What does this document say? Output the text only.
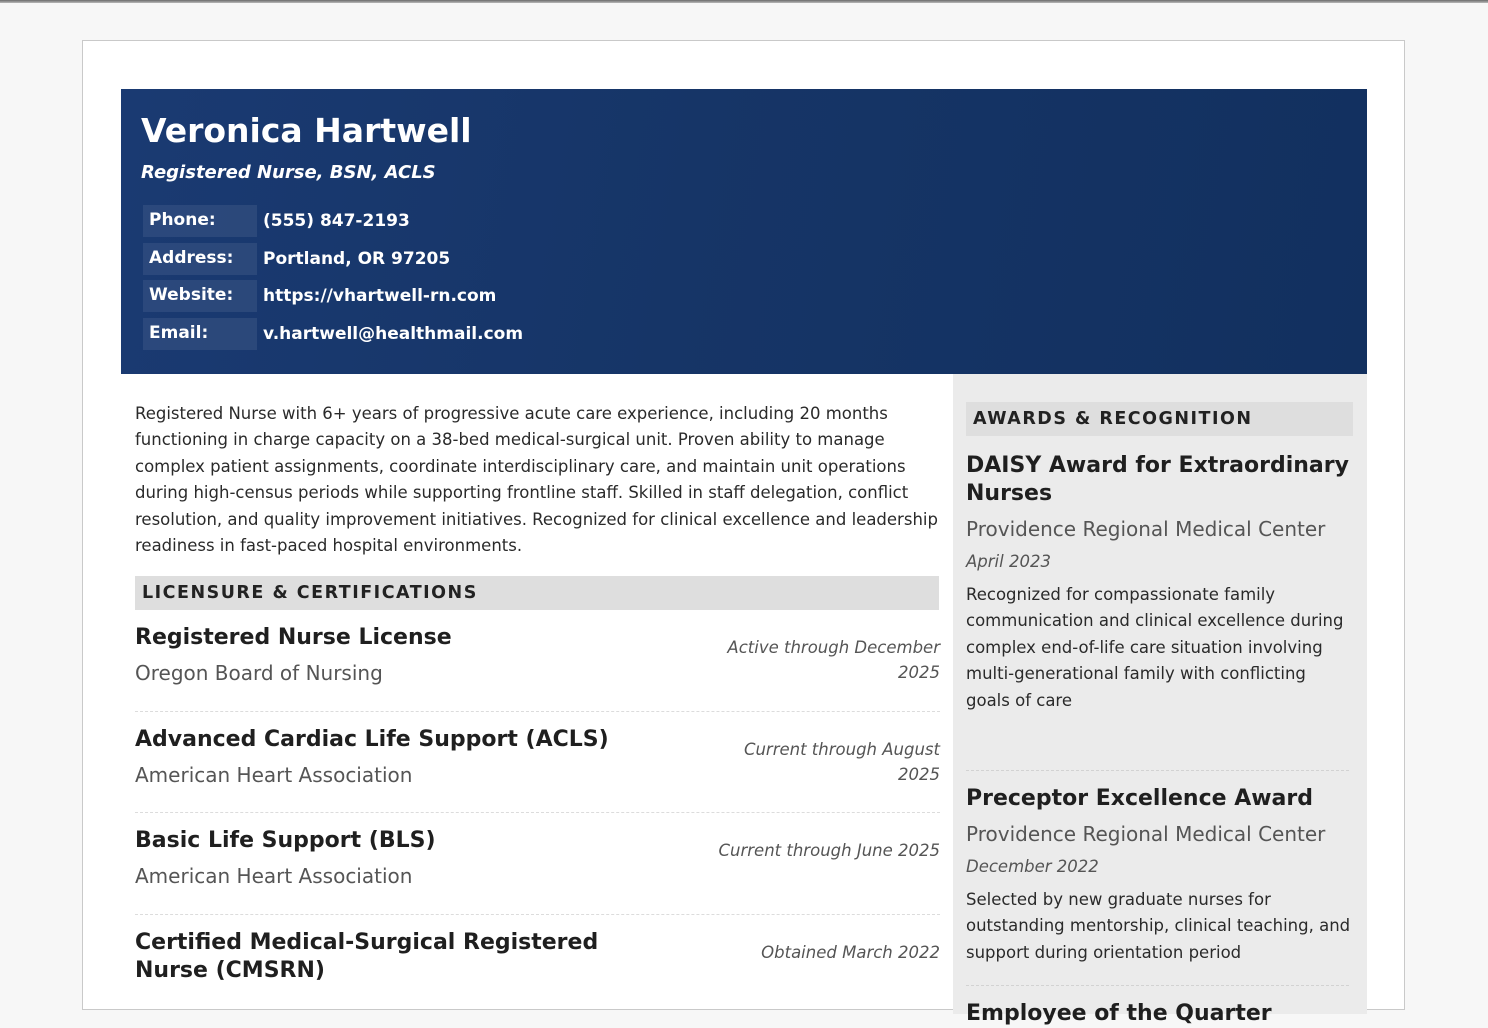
Veronica Hartwell
Registered Nurse, BSN, ACLS
Phone:	(555) 847-2193
Address:	Portland, OR 97205
Website:	https://vhartwell-rn.com
Email:	v.hartwell@healthmail.com
AWARDS & RECOGNITION
DAISY Award for Extraordinary Nurses
Providence Regional Medical Center
April 2023
Recognized for compassionate family communication and clinical excellence during complex end-of-life care situation involving multi-generational family with conflicting goals of care
Preceptor Excellence Award
Providence Regional Medical Center
December 2022
Selected by new graduate nurses for outstanding mentorship, clinical teaching, and support during orientation period
Employee of the Quarter

Registered Nurse with 6+ years of progressive acute care experience, including 20 months functioning in charge capacity on a 38-bed medical-surgical unit. Proven ability to manage complex patient assignments, coordinate interdisciplinary care, and maintain unit operations during high-census periods while supporting frontline staff. Skilled in staff delegation, conflict resolution, and quality improvement initiatives. Recognized for clinical excellence and leadership readiness in fast-paced hospital environments.

LICENSURE & CERTIFICATIONS
Registered Nurse License
Oregon Board of Nursing
Active through December 2025
Advanced Cardiac Life Support (ACLS)
American Heart Association
Current through August 2025
Basic Life Support (BLS)
American Heart Association
Current through June 2025
Certified Medical-Surgical Registered Nurse (CMSRN)
Obtained March 2022
